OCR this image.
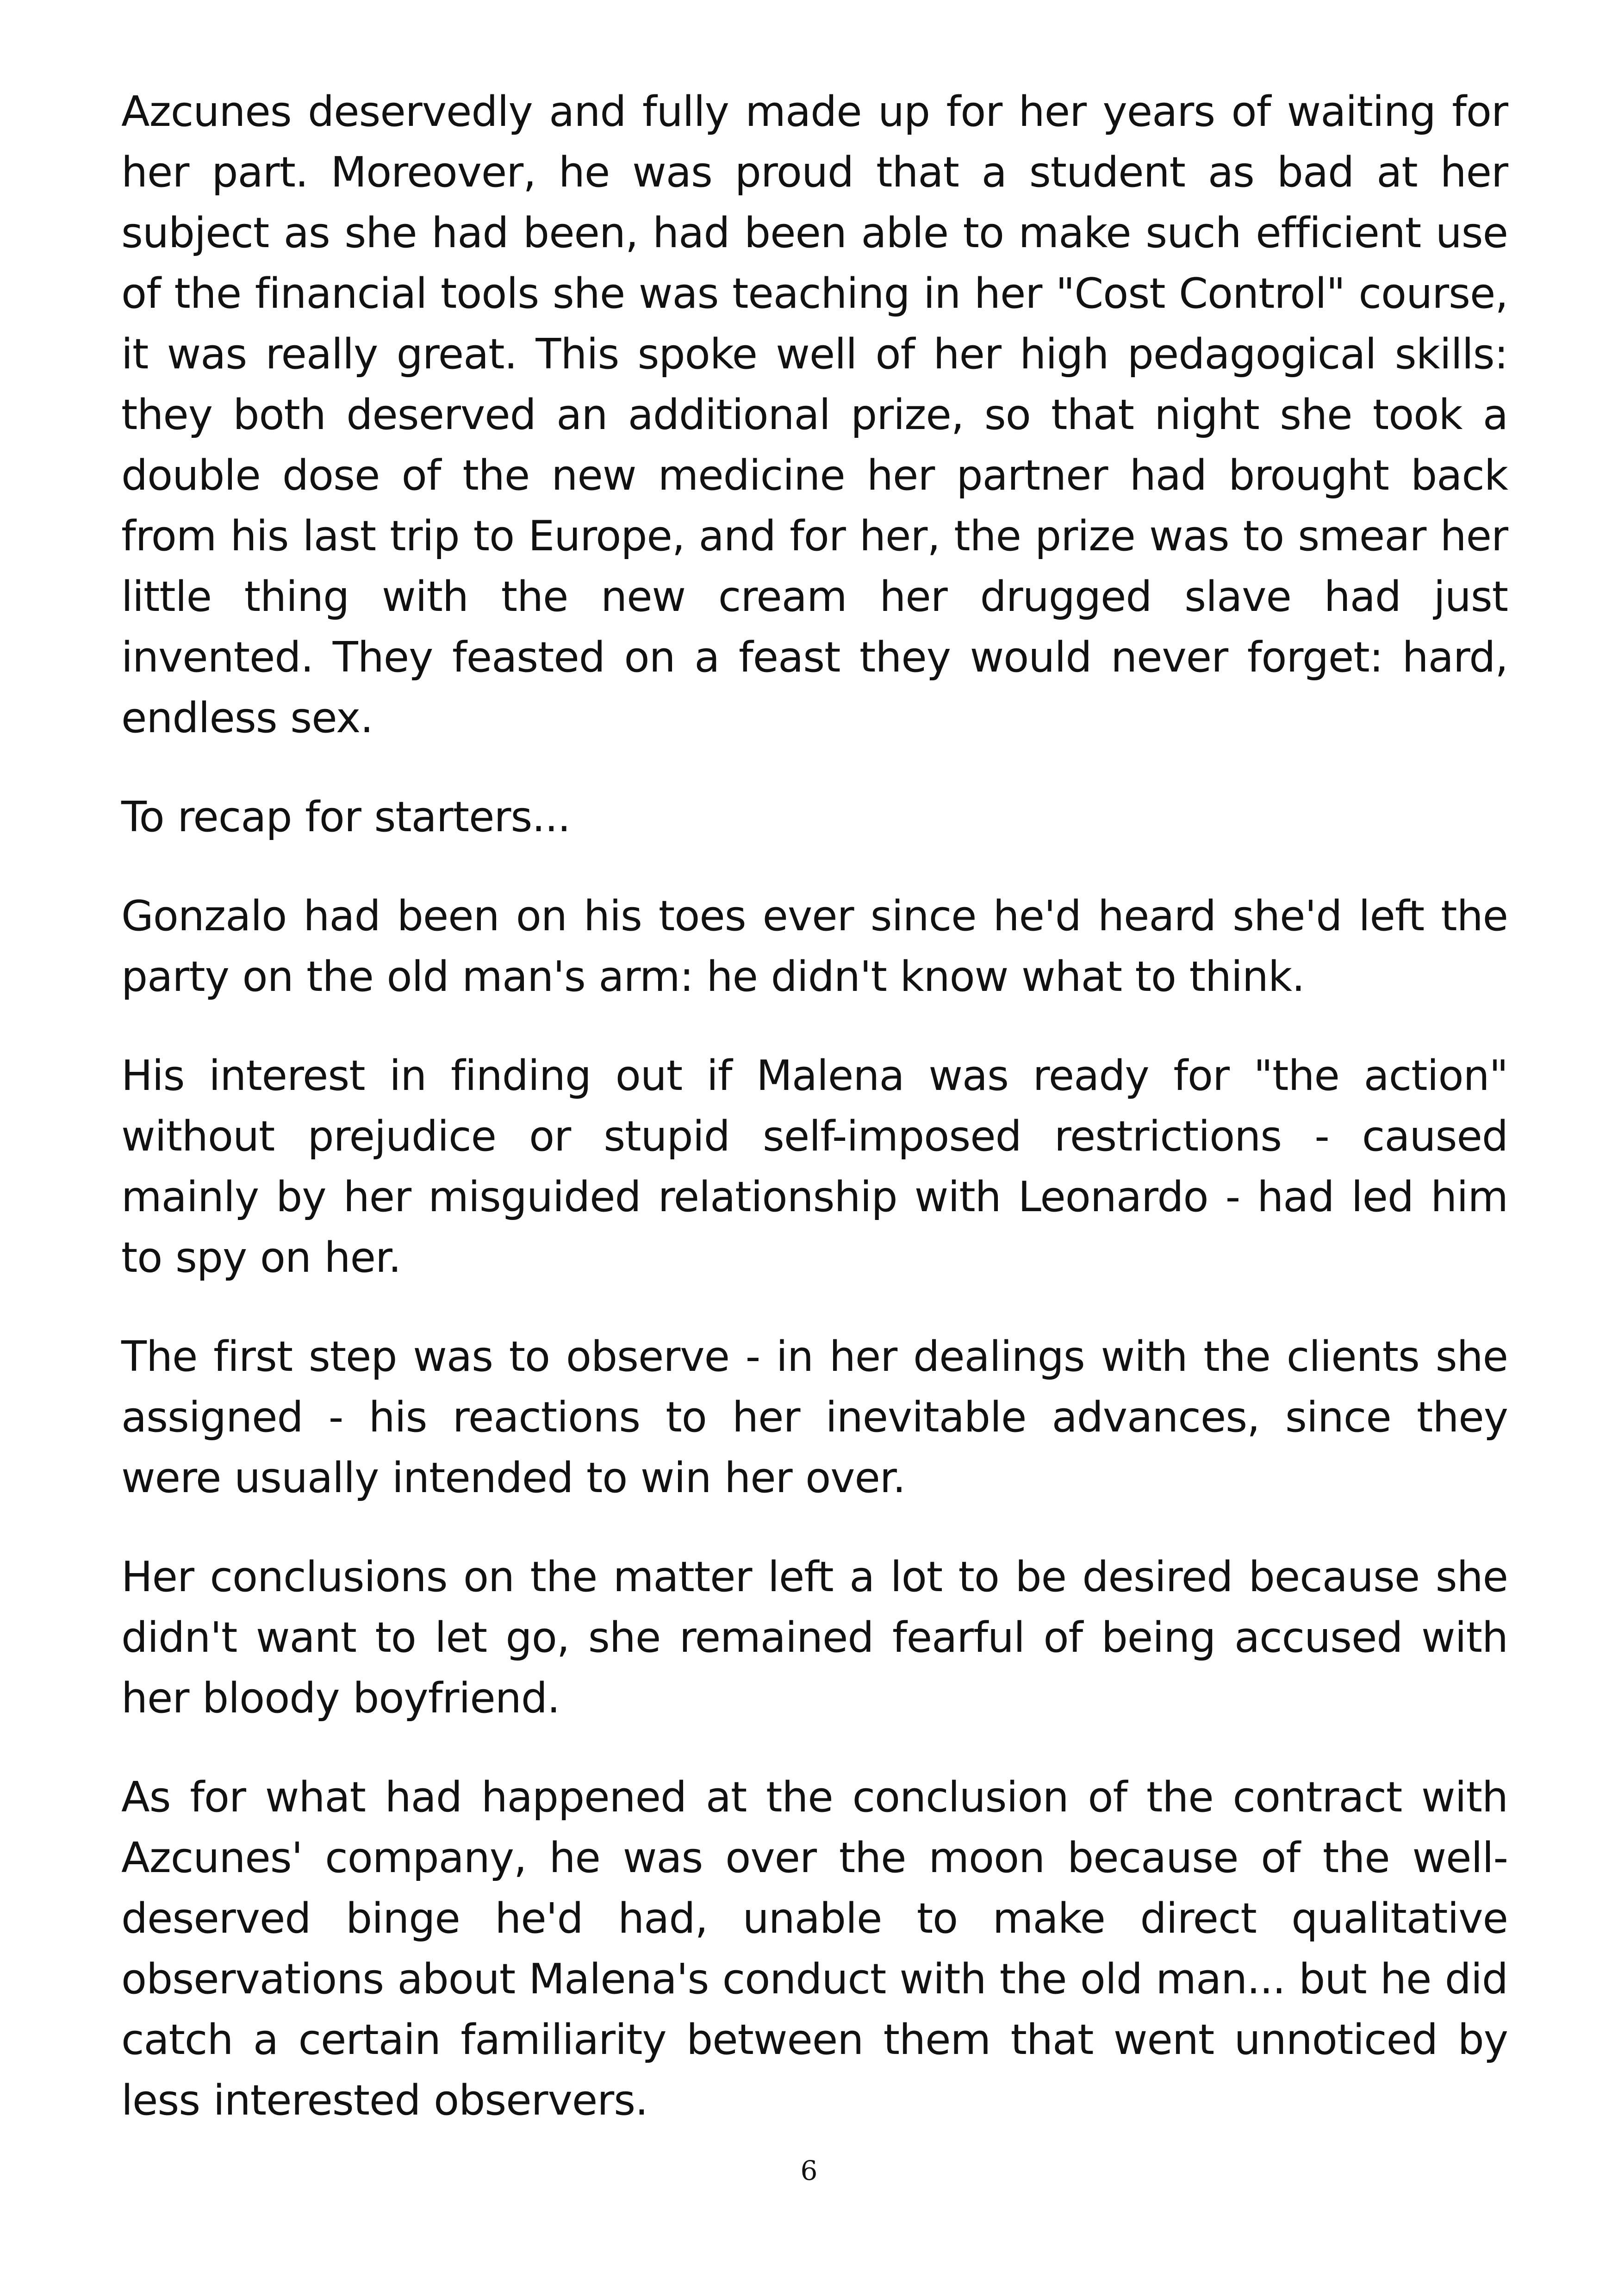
Azcunes deservedly and fully made up for her years of waiting for her part. Moreover, he was proud that a student as bad at her subject as she had been, had been able to make such efficient use of the financial tools she was teaching in her "Cost Control" course, it was really great. This spoke well of her high pedagogical skills: they both deserved an additional prize, so that night she took a double dose of the new medicine her partner had brought back from his last trip to Europe, and for her, the prize was to smear her little thing with the new cream her drugged slave had just invented. They feasted on a feast they would never forget: hard, endless sex.

To recap for starters...

Gonzalo had been on his toes ever since he'd heard she'd left the party on the old man's arm: he didn't know what to think.

His interest in finding out if Malena was ready for "the action" without prejudice or stupid self-imposed restrictions - caused mainly by her misguided relationship with Leonardo - had led him to spy on her.

The first step was to observe - in her dealings with the clients she assigned - his reactions to her inevitable advances, since they were usually intended to win her over.

Her conclusions on the matter left a lot to be desired because she didn't want to let go, she remained fearful of being accused with her bloody boyfriend.

As for what had happened at the conclusion of the contract with Azcunes' company, he was over the moon because of the well-deserved binge he'd had, unable to make direct qualitative observations about Malena's conduct with the old man... but he did catch a certain familiarity between them that went unnoticed by less interested observers.

6
